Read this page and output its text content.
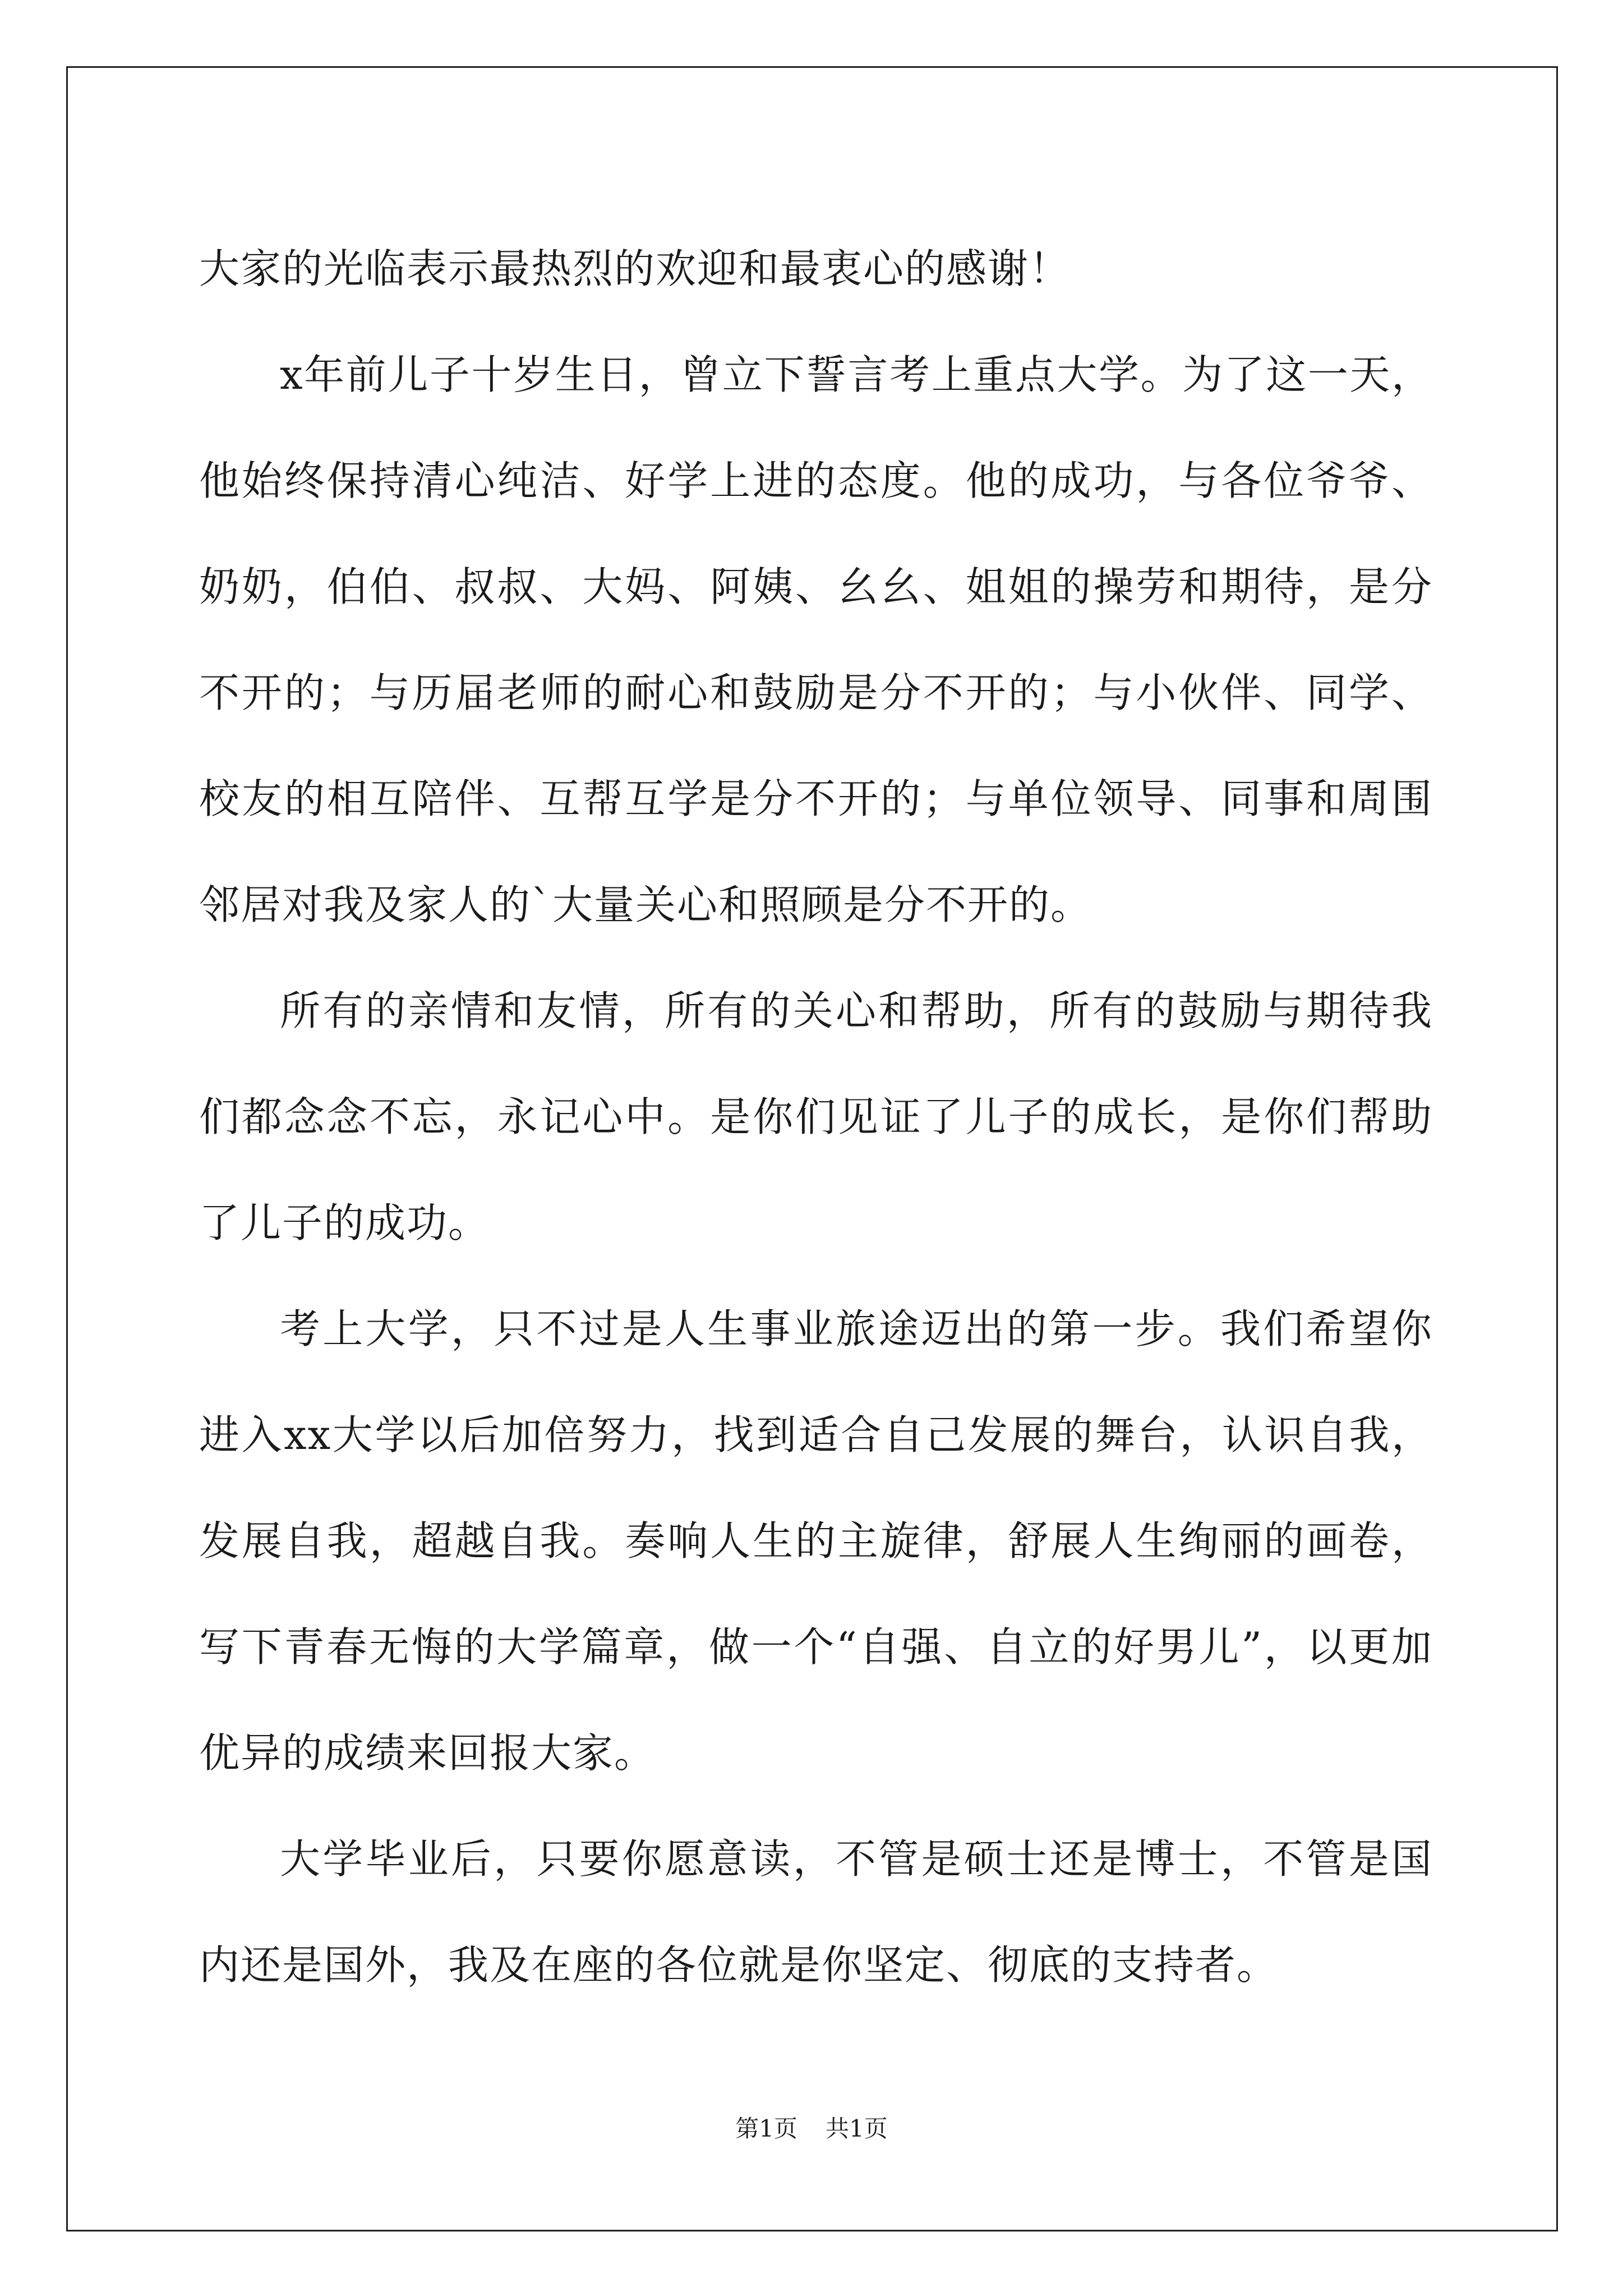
大家的光临表示最热烈的欢迎和最衷心的感谢！

x年前儿子十岁生日，曾立下誓言考上重点大学。为了这一天，他始终保持清心纯洁、好学上进的态度。他的成功，与各位爷爷、奶奶，伯伯、叔叔、大妈、阿姨、幺幺、姐姐的操劳和期待，是分不开的；与历届老师的耐心和鼓励是分不开的；与小伙伴、同学、校友的相互陪伴、互帮互学是分不开的；与单位领导、同事和周围邻居对我及家人的`大量关心和照顾是分不开的。

所有的亲情和友情，所有的关心和帮助，所有的鼓励与期待我们都念念不忘，永记心中。是你们见证了儿子的成长，是你们帮助了儿子的成功。

考上大学，只不过是人生事业旅途迈出的第一步。我们希望你进入xx大学以后加倍努力，找到适合自己发展的舞台，认识自我，发展自我，超越自我。奏响人生的主旋律，舒展人生绚丽的画卷，写下青春无悔的大学篇章，做一个“自强、自立的好男儿”，以更加优异的成绩来回报大家。

大学毕业后，只要你愿意读，不管是硕士还是博士，不管是国内还是国外，我及在座的各位就是你坚定、彻底的支持者。

第1页 共1页
